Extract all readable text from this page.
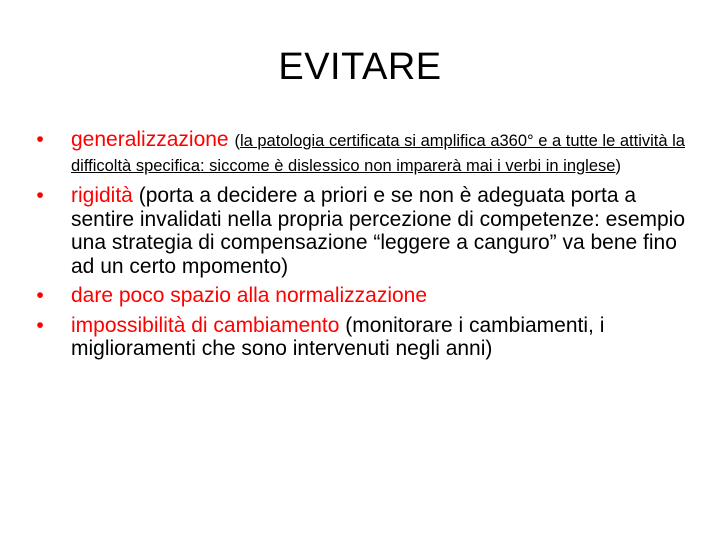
EVITARE
•	generalizzazione (la patologia certificata si amplifica a360° e a tutte le attività la difficoltà specifica: siccome è dislessico non imparerà mai i verbi in inglese)
•	rigidità (porta a decidere a priori e se non è adeguata porta a sentire invalidati nella propria percezione di competenze: esempio una strategia di compensazione “leggere a canguro” va bene fino ad un certo mpomento)
•	dare poco spazio alla normalizzazione
•	impossibilità di cambiamento (monitorare i cambiamenti, i miglioramenti che sono intervenuti negli anni)
